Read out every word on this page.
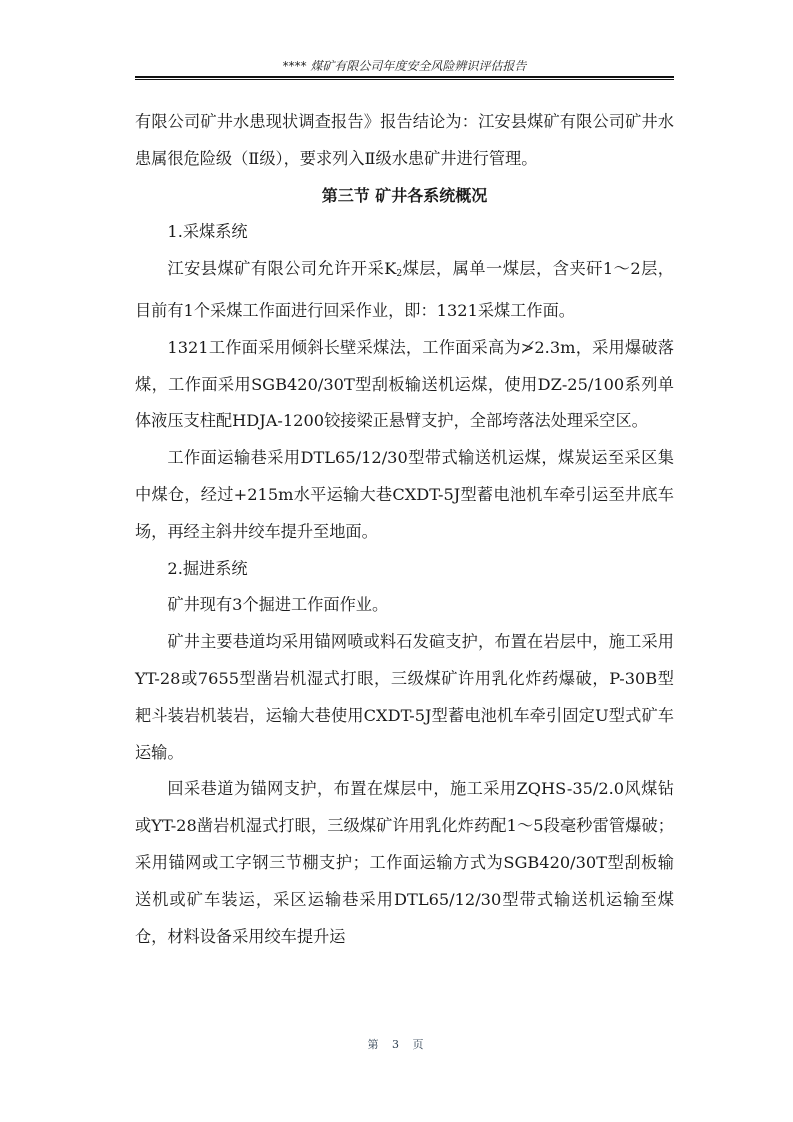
**** 煤矿有限公司年度安全风险辨识评估报告

有限公司矿井水患现状调查报告》报告结论为：江安县煤矿有限公司矿井水患属很危险级（Ⅱ级），要求列入Ⅱ级水患矿井进行管理。

第三节 矿井各系统概况

1.采煤系统

江安县煤矿有限公司允许开采$K_2$煤层，属单一煤层，含夹矸1～2层，目前有1个采煤工作面进行回采作业，即：1321采煤工作面。

1321工作面采用倾斜长壁采煤法，工作面采高为≯2.3m，采用爆破落煤，工作面采用SGB420/30T型刮板输送机运煤，使用DZ-25/100系列单体液压支柱配HDJA-1200铰接梁正悬臂支护，全部垮落法处理采空区。

工作面运输巷采用DTL65/12/30型带式输送机运煤，煤炭运至采区集中煤仓，经过+215m水平运输大巷CXDT-5J型蓄电池机车牵引运至井底车场，再经主斜井绞车提升至地面。

2.掘进系统

矿井现有3个掘进工作面作业。

矿井主要巷道均采用锚网喷或料石发碹支护，布置在岩层中，施工采用YT-28或7655型凿岩机湿式打眼，三级煤矿许用乳化炸药爆破，P-30B型耙斗装岩机装岩，运输大巷使用CXDT-5J型蓄电池机车牵引固定U型式矿车运输。

回采巷道为锚网支护，布置在煤层中，施工采用ZQHS-35/2.0风煤钻或YT-28凿岩机湿式打眼，三级煤矿许用乳化炸药配1～5段毫秒雷管爆破；采用锚网或工字钢三节棚支护；工作面运输方式为SGB420/30T型刮板输送机或矿车装运，采区运输巷采用DTL65/12/30型带式输送机运输至煤仓，材料设备采用绞车提升运

第 3 页
